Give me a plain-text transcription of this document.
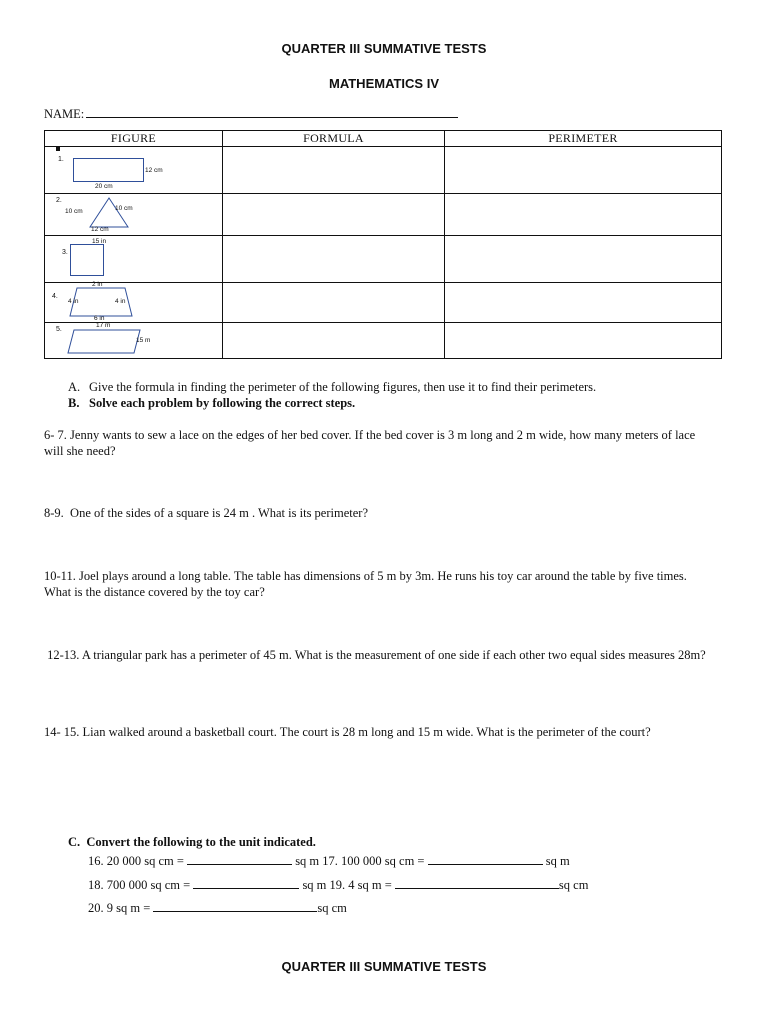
QUARTER III SUMMATIVE TESTS
MATHEMATICS IV
NAME:
FIGURE	FORMULA	PERIMETER

1.
12 cm
20 cm		

2.
10 cm 10 cm
12 cm		

15 in
3.		

4.
2 in
4 in 4 in
6 in		

5.
17 m
15 m		

A. Give the formula in finding the perimeter of the following figures, then use it to find their perimeters.
B. Solve each problem by following the correct steps.
6- 7. Jenny wants to sew a lace on the edges of her bed cover. If the bed cover is 3 m long and 2 m wide, how many meters of lace will she need?
8-9.  One of the sides of a square is 24 m . What is its perimeter?
10-11. Joel plays around a long table. The table has dimensions of 5 m by 3m. He runs his toy car around the table by five times. What is the distance covered by the toy car?
12-13. A triangular park has a perimeter of 45 m. What is the measurement of one side if each other two equal sides measures 28m?
14- 15. Lian walked around a basketball court. The court is 28 m long and 15 m wide. What is the perimeter of the court?
C. Convert the following to the unit indicated.
16. 20 000 sq cm =	sq m 17. 100 000 sq cm =	sq m
18. 700 000 sq cm =	sq m 19. 4 sq m =	sq cm
20. 9 sq m =	sq cm
QUARTER III SUMMATIVE TESTS
